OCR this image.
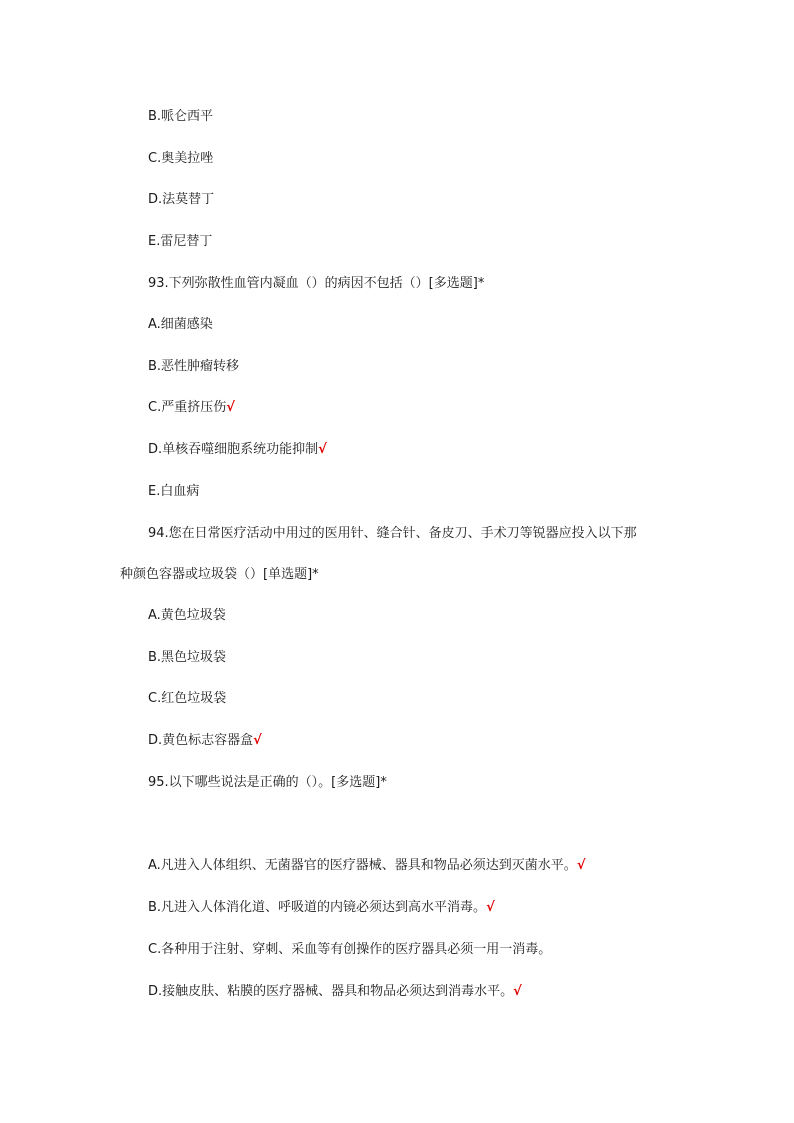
B.哌仑西平
C.奥美拉唑
D.法莫替丁
E.雷尼替丁
93.下列弥散性血管内凝血（）的病因不包括（）[多选题]*
A.细菌感染
B.恶性肿瘤转移
C.严重挤压伤√
D.单核吞噬细胞系统功能抑制√
E.白血病
94.您在日常医疗活动中用过的医用针、缝合针、备皮刀、手术刀等锐器应投入以下那
种颜色容器或垃圾袋（）[单选题]*
A.黄色垃圾袋
B.黑色垃圾袋
C.红色垃圾袋
D.黄色标志容器盒√
95.以下哪些说法是正确的（）。[多选题]*
A.凡进入人体组织、无菌器官的医疗器械、器具和物品必须达到灭菌水平。√
B.凡进入人体消化道、呼吸道的内镜必须达到高水平消毒。√
C.各种用于注射、穿刺、采血等有创操作的医疗器具必须一用一消毒。
D.接触皮肤、粘膜的医疗器械、器具和物品必须达到消毒水平。√
